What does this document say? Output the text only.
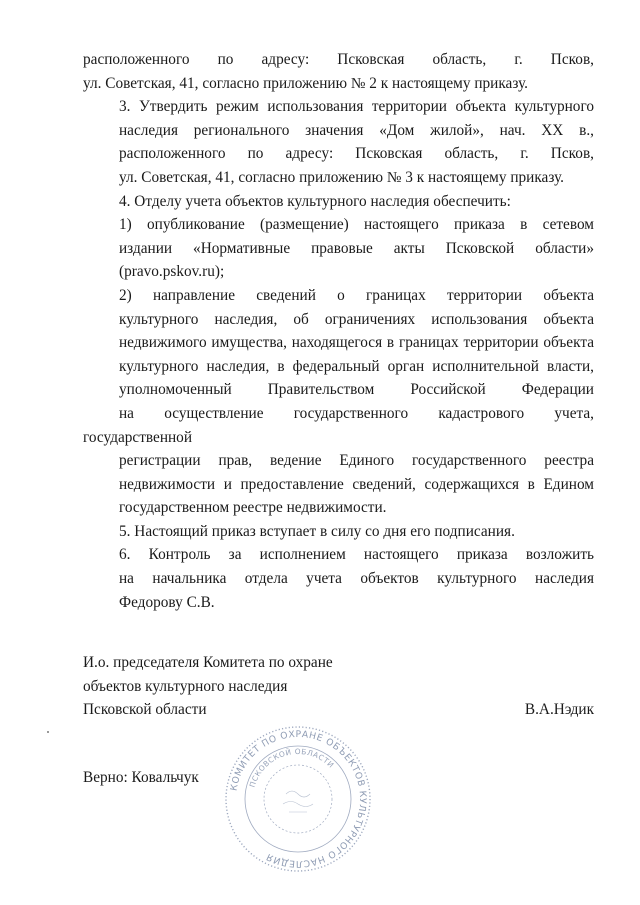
расположенного по адресу: Псковская область, г. Псков,
ул. Советская, 41, согласно приложению № 2 к настоящему приказу.

3. Утвердить режим использования территории объекта культурного
наследия регионального значения «Дом жилой», нач. XX в.,
расположенного по адресу: Псковская область, г. Псков,
ул. Советская, 41, согласно приложению № 3 к настоящему приказу.

4. Отделу учета объектов культурного наследия обеспечить:

1) опубликование (размещение) настоящего приказа в сетевом
издании «Нормативные правовые акты Псковской области»
(pravo.pskov.ru);

2) направление сведений о границах территории объекта
культурного наследия, об ограничениях использования объекта
недвижимого имущества, находящегося в границах территории объекта
культурного наследия, в федеральный орган исполнительной власти,
уполномоченный Правительством Российской Федерации
на осуществление государственного кадастрового учета, государственной
регистрации прав, ведение Единого государственного реестра
недвижимости и предоставление сведений, содержащихся в Едином
государственном реестре недвижимости.

5. Настоящий приказ вступает в силу со дня его подписания.

6. Контроль за исполнением настоящего приказа возложить
на начальника отдела учета объектов культурного наследия
Федорову С.В.

И.о. председателя Комитета по охране
объектов культурного наследия
Псковской области	В.А.Нэдик
Верно: Ковальчук
КОМИТЕТ ПО ОХРАНЕ ОБЪЕКТОВ КУЛЬТУРНОГО НАСЛЕДИЯ
ПСКОВСКОЙ ОБЛАСТИ
